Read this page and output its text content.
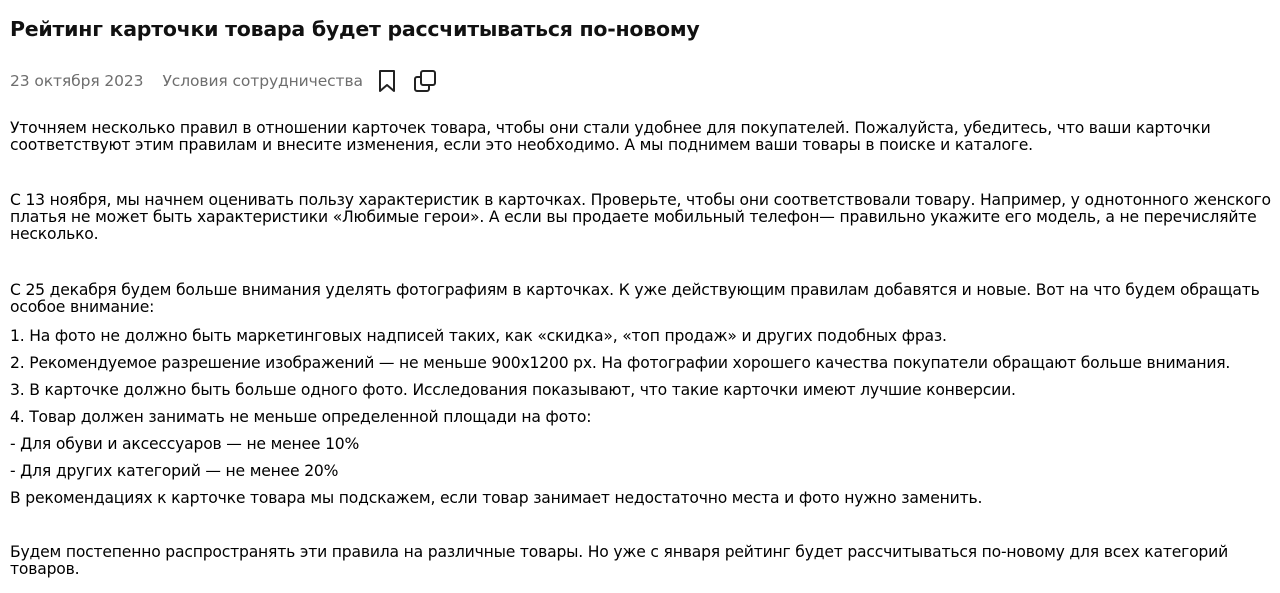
Рейтинг карточки товара будет рассчитываться по-новому
23 октября 2023 Условия сотрудничества

Уточняем несколько правил в отношении карточек товара, чтобы они стали удобнее для покупателей. Пожалуйста, убедитесь, что ваши карточки соответствуют этим правилам и внесите изменения, если это необходимо. А мы поднимем ваши товары в поиске и каталоге.

С 13 ноября, мы начнем оценивать пользу характеристик в карточках. Проверьте, чтобы они соответствовали товару. Например, у однотонного женского платья не может быть характеристики «Любимые герои». А если вы продаете мобильный телефон— правильно укажите его модель, а не перечисляйте несколько.

С 25 декабря будем больше внимания уделять фотографиям в карточках. К уже действующим правилам добавятся и новые. Вот на что будем обращать особое внимание:

1. На фото не должно быть маркетинговых надписей таких, как «скидка», «топ продаж» и других подобных фраз.

2. Рекомендуемое разрешение изображений — не меньше 900х1200 px. На фотографии хорошего качества покупатели обращают больше внимания.

3. В карточке должно быть больше одного фото. Исследования показывают, что такие карточки имеют лучшие конверсии.

4. Товар должен занимать не меньше определенной площади на фото:

- Для обуви и аксессуаров — не менее 10%

- Для других категорий — не менее 20%

В рекомендациях к карточке товара мы подскажем, если товар занимает недостаточно места и фото нужно заменить.

Будем постепенно распространять эти правила на различные товары. Но уже с января рейтинг будет рассчитываться по-новому для всех категорий товаров.
